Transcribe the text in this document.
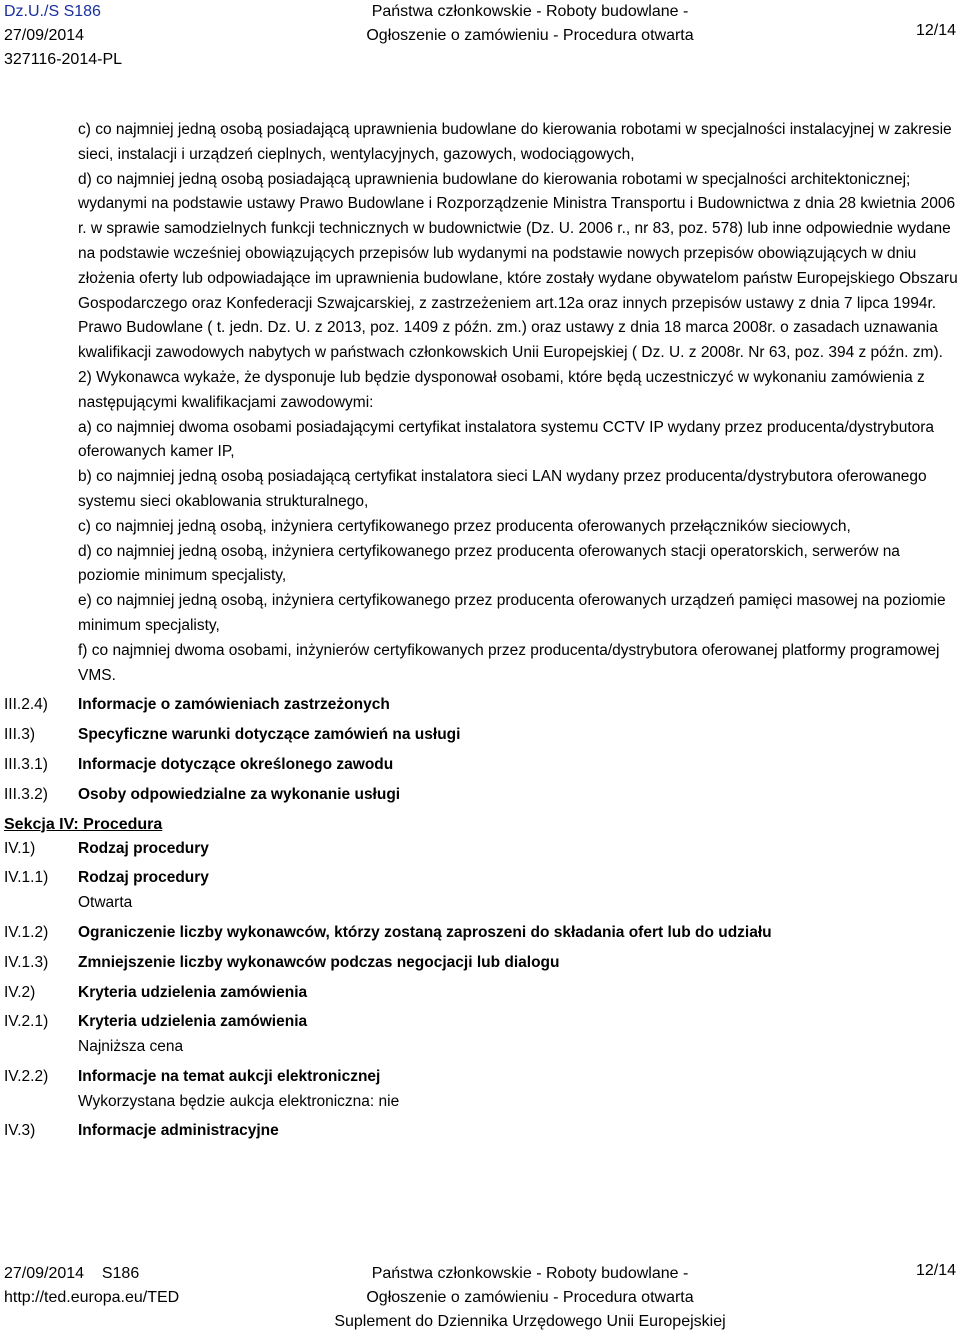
Dz.U./S S186
27/09/2014
327116-2014-PL
Państwa członkowskie - Roboty budowlane -
Ogłoszenie o zamówieniu - Procedura otwarta	12/14
c) co najmniej jedną osobą posiadającą uprawnienia budowlane do kierowania robotami w specjalności instalacyjnej w zakresie sieci, instalacji i urządzeń cieplnych, wentylacyjnych, gazowych, wodociągowych,
d) co najmniej jedną osobą posiadającą uprawnienia budowlane do kierowania robotami w specjalności architektonicznej;
wydanymi na podstawie ustawy Prawo Budowlane i Rozporządzenie Ministra Transportu i Budownictwa z dnia 28 kwietnia 2006 r. w sprawie samodzielnych funkcji technicznych w budownictwie (Dz. U. 2006 r., nr 83, poz. 578) lub inne odpowiednie wydane na podstawie wcześniej obowiązujących przepisów lub wydanymi na podstawie nowych przepisów obowiązujących w dniu złożenia oferty lub odpowiadające im uprawnienia budowlane, które zostały wydane obywatelom państw Europejskiego Obszaru Gospodarczego oraz Konfederacji Szwajcarskiej, z zastrzeżeniem art.12a oraz innych przepisów ustawy z dnia 7 lipca 1994r. Prawo Budowlane ( t. jedn. Dz. U. z 2013, poz. 1409 z późn. zm.) oraz ustawy z dnia 18 marca 2008r. o zasadach uznawania kwalifikacji zawodowych nabytych w państwach członkowskich Unii Europejskiej ( Dz. U. z 2008r. Nr 63, poz. 394 z późn. zm).
2) Wykonawca wykaże, że dysponuje lub będzie dysponował osobami, które będą uczestniczyć w wykonaniu zamówienia z następującymi kwalifikacjami zawodowymi:
a) co najmniej dwoma osobami posiadającymi certyfikat instalatora systemu CCTV IP wydany przez producenta/dystrybutora oferowanych kamer IP,
b) co najmniej jedną osobą posiadającą certyfikat instalatora sieci LAN wydany przez producenta/dystrybutora oferowanego systemu sieci okablowania strukturalnego,
c) co najmniej jedną osobą, inżyniera certyfikowanego przez producenta oferowanych przełączników sieciowych,
d) co najmniej jedną osobą, inżyniera certyfikowanego przez producenta oferowanych stacji operatorskich, serwerów na poziomie minimum specjalisty,
e) co najmniej jedną osobą, inżyniera certyfikowanego przez producenta oferowanych urządzeń pamięci masowej na poziomie minimum specjalisty,
f) co najmniej dwoma osobami, inżynierów certyfikowanych przez producenta/dystrybutora oferowanej platformy programowej VMS.
III.2.4)	Informacje o zamówieniach zastrzeżonych
III.3)	Specyficzne warunki dotyczące zamówień na usługi
III.3.1)	Informacje dotyczące określonego zawodu
III.3.2)	Osoby odpowiedzialne za wykonanie usługi
Sekcja IV: Procedura
IV.1)	Rodzaj procedury
IV.1.1)	Rodzaj procedury
Otwarta
IV.1.2)	Ograniczenie liczby wykonawców, którzy zostaną zaproszeni do składania ofert lub do udziału
IV.1.3)	Zmniejszenie liczby wykonawców podczas negocjacji lub dialogu
IV.2)	Kryteria udzielenia zamówienia
IV.2.1)	Kryteria udzielenia zamówienia
Najniższa cena
IV.2.2)	Informacje na temat aukcji elektronicznej
Wykorzystana będzie aukcja elektroniczna: nie
IV.3)	Informacje administracyjne
27/09/2014    S186
http://ted.europa.eu/TED
Państwa członkowskie - Roboty budowlane -
Ogłoszenie o zamówieniu - Procedura otwarta
Suplement do Dziennika Urzędowego Unii Europejskiej
12/14
